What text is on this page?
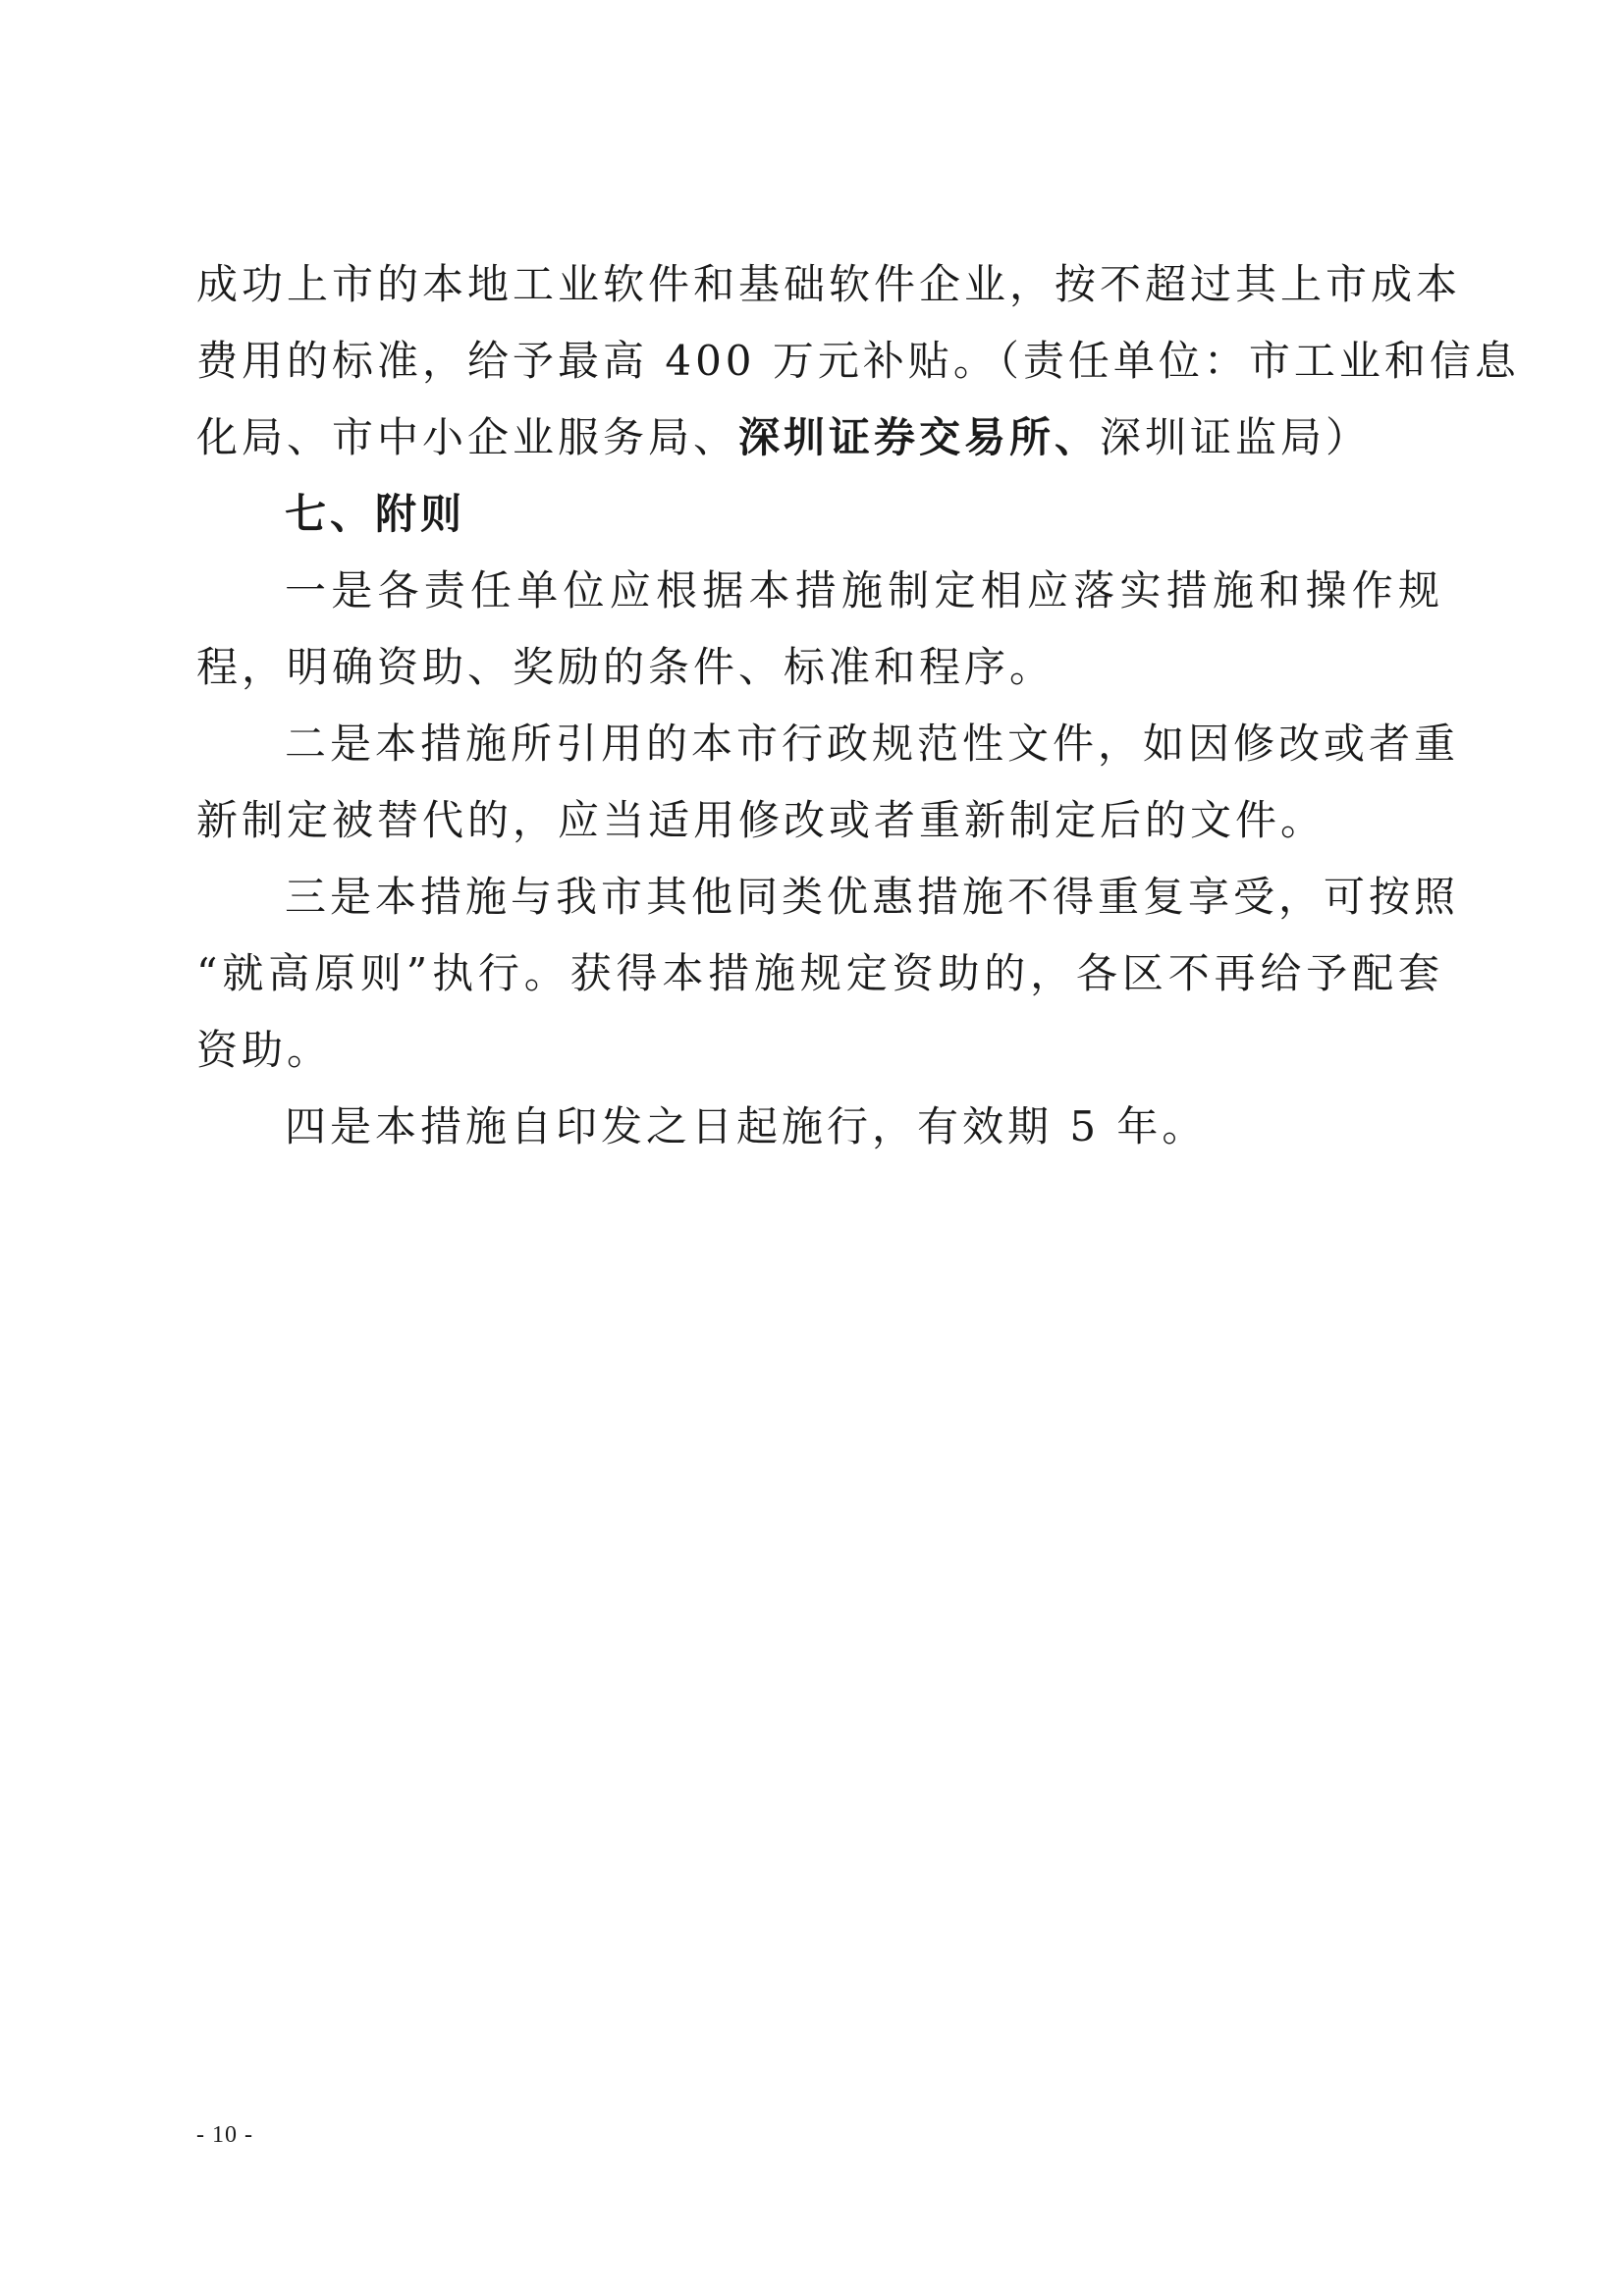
成功上市的本地工业软件和基础软件企业，按不超过其上市成本
费用的标准，给予最高 400 万元补贴。（责任单位：市工业和信息
化局、市中小企业服务局、深圳证券交易所、深圳证监局）
七、附则
一是各责任单位应根据本措施制定相应落实措施和操作规
程，明确资助、奖励的条件、标准和程序。
二是本措施所引用的本市行政规范性文件，如因修改或者重
新制定被替代的，应当适用修改或者重新制定后的文件。
三是本措施与我市其他同类优惠措施不得重复享受，可按照
“就高原则”执行。获得本措施规定资助的，各区不再给予配套
资助。
四是本措施自印发之日起施行，有效期 5 年。
- 10 -
